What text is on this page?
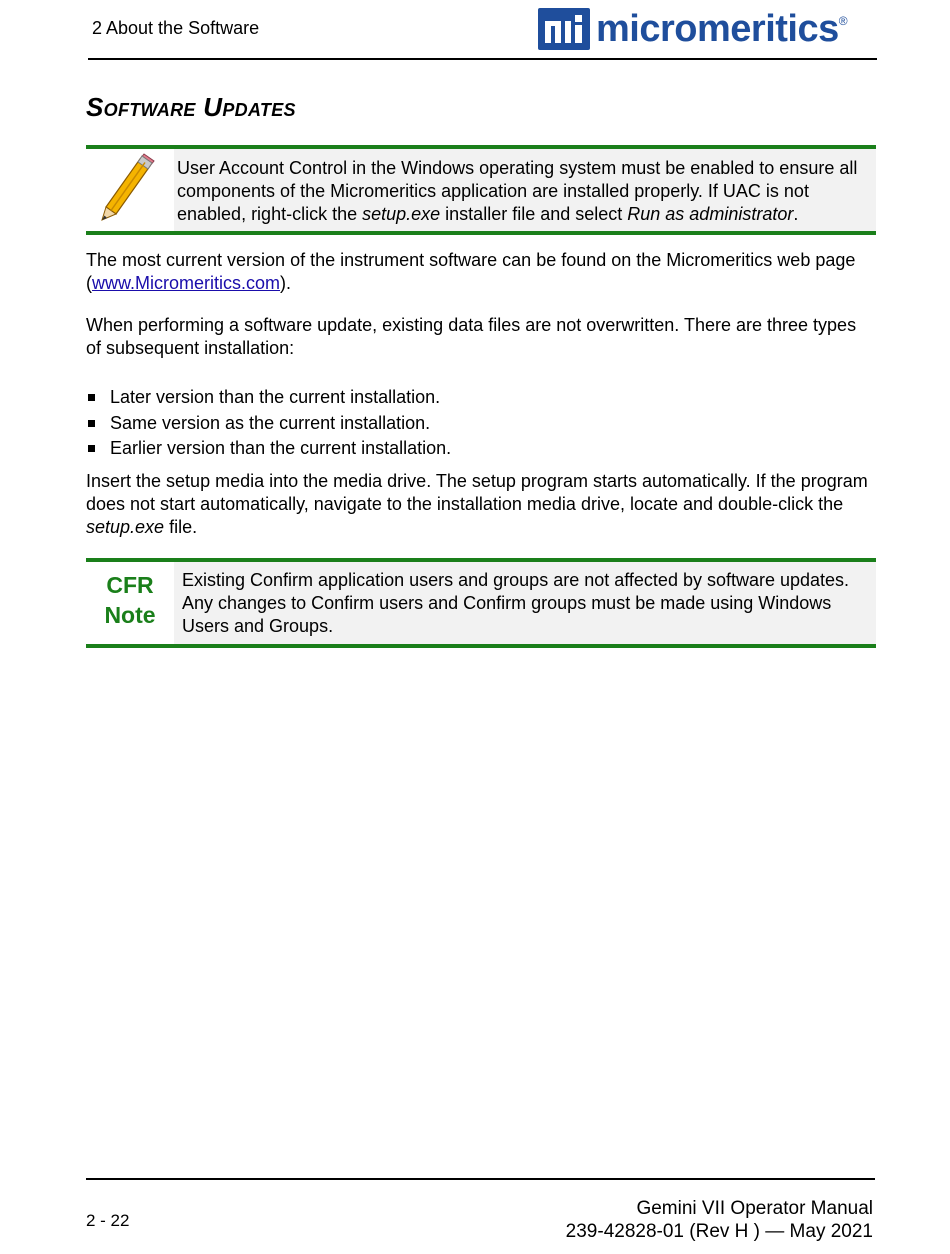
2 About the Software	micromeritics ®
Software Updates
User Account Control in the Windows operating system must be enabled to ensure all components of the Micromeritics application are installed properly. If UAC is not enabled, right-click the setup.exe installer file and select Run as administrator.
The most current version of the instrument software can be found on the Micromeritics web page (www.Micromeritics.com).
When performing a software update, existing data files are not overwritten. There are three types of subsequent installation:
Later version than the current installation.
Same version as the current installation.
Earlier version than the current installation.
Insert the setup media into the media drive. The setup program starts automatically. If the program does not start automatically, navigate to the installation media drive, locate and double-click the setup.exe file.
CFR
Note
Existing Confirm application users and groups are not affected by software updates. Any changes to Confirm users and Confirm groups must be made using Windows Users and Groups.
2 - 22
Gemini VII Operator Manual
239-42828-01 (Rev H ) — May 2021
